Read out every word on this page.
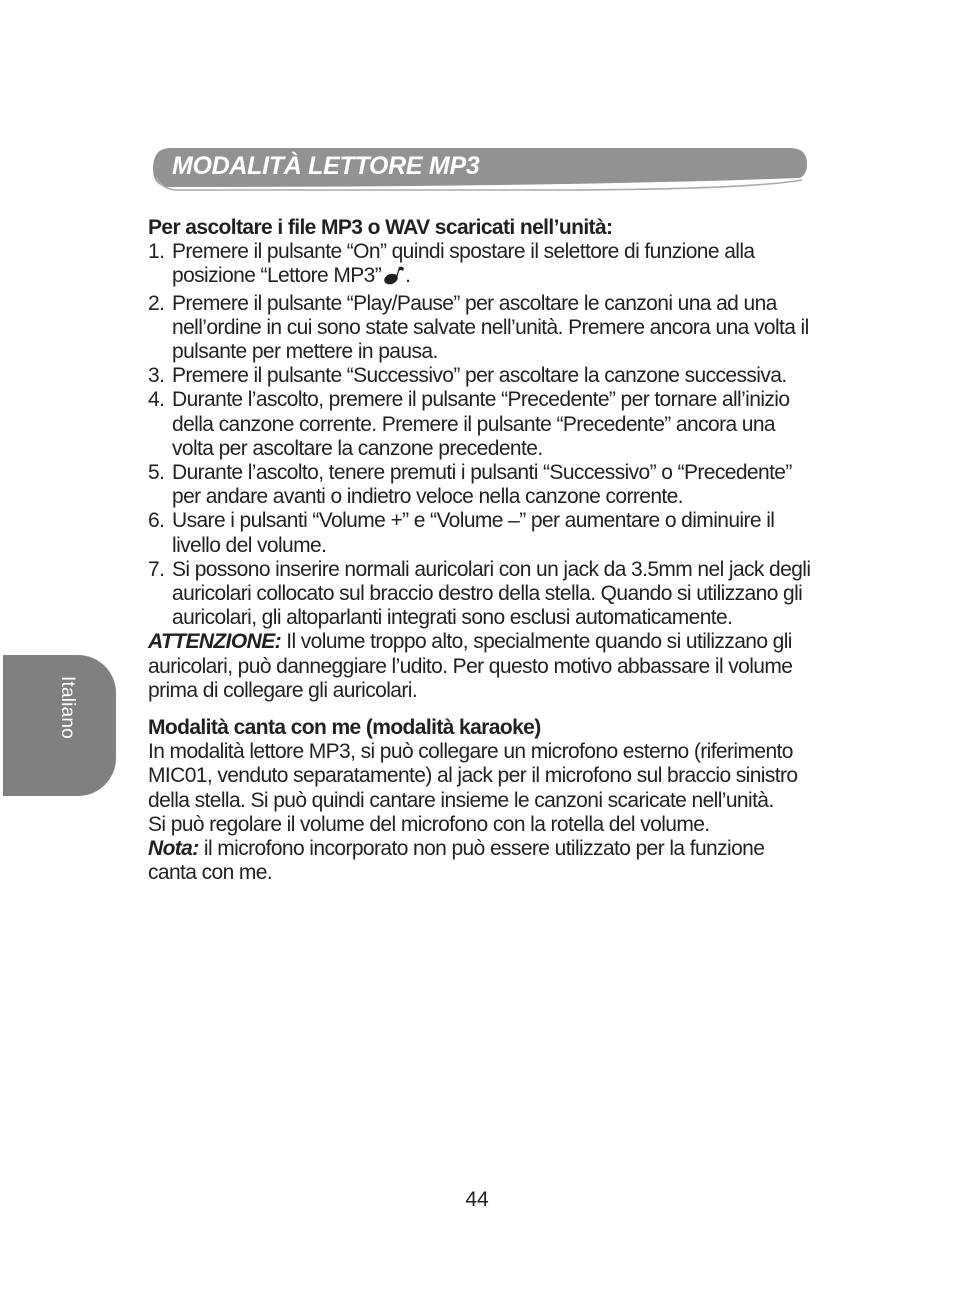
MODALITÀ LETTORE MP3

Per ascoltare i file MP3 o WAV scaricati nell’unità:

1. Premere il pulsante “On” quindi spostare il selettore di funzione alla posizione “Lettore MP3” .
2. Premere il pulsante “Play/Pause” per ascoltare le canzoni una ad una nell’ordine in cui sono state salvate nell’unità. Premere ancora una volta il pulsante per mettere in pausa.
3. Premere il pulsante “Successivo” per ascoltare la canzone successiva.
4. Durante l’ascolto, premere il pulsante “Precedente” per tornare all’inizio della canzone corrente. Premere il pulsante “Precedente” ancora una volta per ascoltare la canzone precedente.
5. Durante l’ascolto, tenere premuti i pulsanti “Successivo” o “Precedente” per andare avanti o indietro veloce nella canzone corrente.
6. Usare i pulsanti “Volume +” e “Volume –” per aumentare o diminuire il livello del volume.
7. Si possono inserire normali auricolari con un jack da 3.5mm nel jack degli auricolari collocato sul braccio destro della stella. Quando si utilizzano gli auricolari, gli altoparlanti integrati sono esclusi automaticamente.

ATTENZIONE: Il volume troppo alto, specialmente quando si utilizzano gli auricolari, può danneggiare l’udito. Per questo motivo abbassare il volume prima di collegare gli auricolari.

Modalità canta con me (modalità karaoke)

In modalità lettore MP3, si può collegare un microfono esterno (riferimento MIC01, venduto separatamente) al jack per il microfono sul braccio sinistro della stella. Si può quindi cantare insieme le canzoni scaricate nell’unità.

Si può regolare il volume del microfono con la rotella del volume.

Nota: il microfono incorporato non può essere utilizzato per la funzione canta con me.

Italiano
44
